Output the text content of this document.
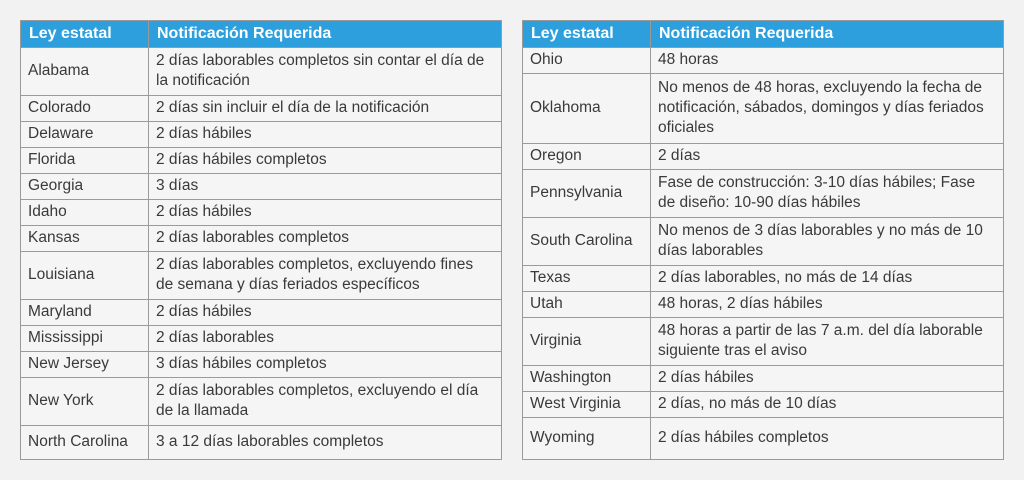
Ley estatal	Notificación Requerida
Alabama	2 días laborables completos sin contar el día de la notificación
Colorado	2 días sin incluir el día de la notificación
Delaware	2 días hábiles
Florida	2 días hábiles completos
Georgia	3 días
Idaho	2 días hábiles
Kansas	2 días laborables completos
Louisiana	2 días laborables completos, excluyendo fines de semana y días feriados específicos
Maryland	2 días hábiles
Mississippi	2 días laborables
New Jersey	3 días hábiles completos
New York	2 días laborables completos, excluyendo el día de la llamada
North Carolina	3 a 12 días laborables completos
Ley estatal	Notificación Requerida
Ohio	48 horas
Oklahoma	No menos de 48 horas, excluyendo la fecha de notificación, sábados, domingos y días feriados oficiales
Oregon	2 días
Pennsylvania	Fase de construcción: 3-10 días hábiles; Fase de diseño: 10-90 días hábiles
South Carolina	No menos de 3 días laborables y no más de 10 días laborables
Texas	2 días laborables, no más de 14 días
Utah	48 horas, 2 días hábiles
Virginia	48 horas a partir de las 7 a.m. del día laborable siguiente tras el aviso
Washington	2 días hábiles
West Virginia	2 días, no más de 10 días
Wyoming	2 días hábiles completos
